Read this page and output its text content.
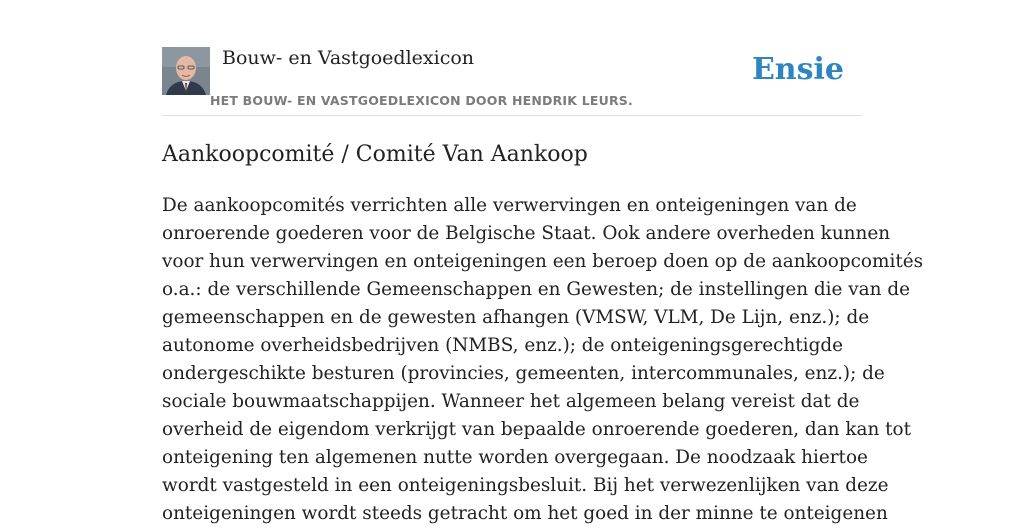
Bouw- en Vastgoedlexicon
HET BOUW- EN VASTGOEDLEXICON DOOR HENDRIK LEURS.
Ensie
Aankoopcomité / Comité Van Aankoop
De aankoopcomités verrichten alle verwervingen en onteigeningen van de
onroerende goederen voor de Belgische Staat. Ook andere overheden kunnen
voor hun verwervingen en onteigeningen een beroep doen op de aankoopcomités
o.a.: de verschillende Gemeenschappen en Gewesten; de instellingen die van de
gemeenschappen en de gewesten afhangen (VMSW, VLM, De Lijn, enz.); de
autonome overheidsbedrijven (NMBS, enz.); de onteigeningsgerechtigde
ondergeschikte besturen (provincies, gemeenten, intercommunales, enz.); de
sociale bouwmaatschappijen. Wanneer het algemeen belang vereist dat de
overheid de eigendom verkrijgt van bepaalde onroerende goederen, dan kan tot
onteigening ten algemenen nutte worden overgegaan. De noodzaak hiertoe
wordt vastgesteld in een onteigeningsbesluit. Bij het verwezenlijken van deze
onteigeningen wordt steeds getracht om het goed in der minne te onteigenen
